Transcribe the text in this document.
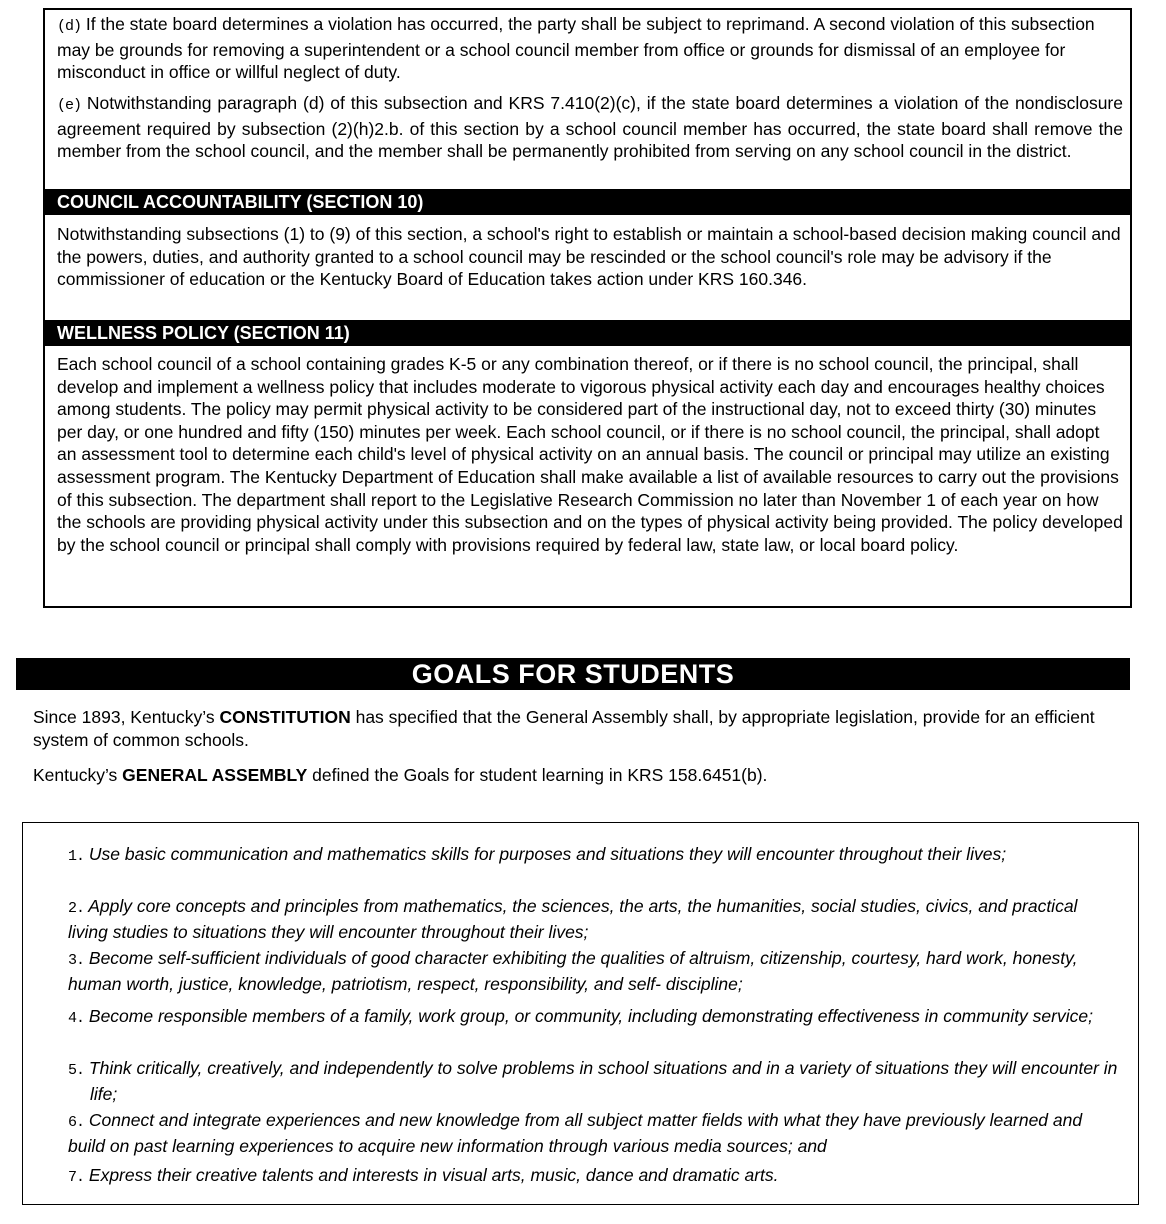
(d) If the state board determines a violation has occurred, the party shall be subject to reprimand. A second violation of this subsection may be grounds for removing a superintendent or a school council member from office or grounds for dismissal of an employee for misconduct in office or willful neglect of duty.

(e) Notwithstanding paragraph (d) of this subsection and KRS 7.410(2)(c), if the state board determines a violation of the nondisclosure agreement required by subsection (2)(h)2.b. of this section by a school council member has occurred, the state board shall remove the member from the school council, and the member shall be permanently prohibited from serving on any school council in the district.

COUNCIL ACCOUNTABILITY (SECTION 10)

Notwithstanding subsections (1) to (9) of this section, a school's right to establish or maintain a school-based decision making council and the powers, duties, and authority granted to a school council may be rescinded or the school council's role may be advisory if the commissioner of education or the Kentucky Board of Education takes action under KRS 160.346.

WELLNESS POLICY (SECTION 11)

Each school council of a school containing grades K-5 or any combination thereof, or if there is no school council, the principal, shall develop and implement a wellness policy that includes moderate to vigorous physical activity each day and encourages healthy choices among students. The policy may permit physical activity to be considered part of the instructional day, not to exceed thirty (30) minutes per day, or one hundred and fifty (150) minutes per week. Each school council, or if there is no school council, the principal, shall adopt an assessment tool to determine each child's level of physical activity on an annual basis. The council or principal may utilize an existing assessment program. The Kentucky Department of Education shall make available a list of available resources to carry out the provisions of this subsection. The department shall report to the Legislative Research Commission no later than November 1 of each year on how the schools are providing physical activity under this subsection and on the types of physical activity being provided. The policy developed by the school council or principal shall comply with provisions required by federal law, state law, or local board policy.

GOALS FOR STUDENTS

Since 1893, Kentucky’s CONSTITUTION has specified that the General Assembly shall, by appropriate legislation, provide for an efficient system of common schools.

Kentucky’s GENERAL ASSEMBLY defined the Goals for student learning in KRS 158.6451(b).

1. Use basic communication and mathematics skills for purposes and situations they will encounter throughout their lives;

2. Apply core concepts and principles from mathematics, the sciences, the arts, the humanities, social studies, civics, and practical living studies to situations they will encounter throughout their lives;

3. Become self-sufficient individuals of good character exhibiting the qualities of altruism, citizenship, courtesy, hard work, honesty, human worth, justice, knowledge, patriotism, respect, responsibility, and self- discipline;

4. Become responsible members of a family, work group, or community, including demonstrating effectiveness in community service;

5. Think critically, creatively, and independently to solve problems in school situations and in a variety of situations they will encounter in life;

6. Connect and integrate experiences and new knowledge from all subject matter fields with what they have previously learned and build on past learning experiences to acquire new information through various media sources; and

7. Express their creative talents and interests in visual arts, music, dance and dramatic arts.
